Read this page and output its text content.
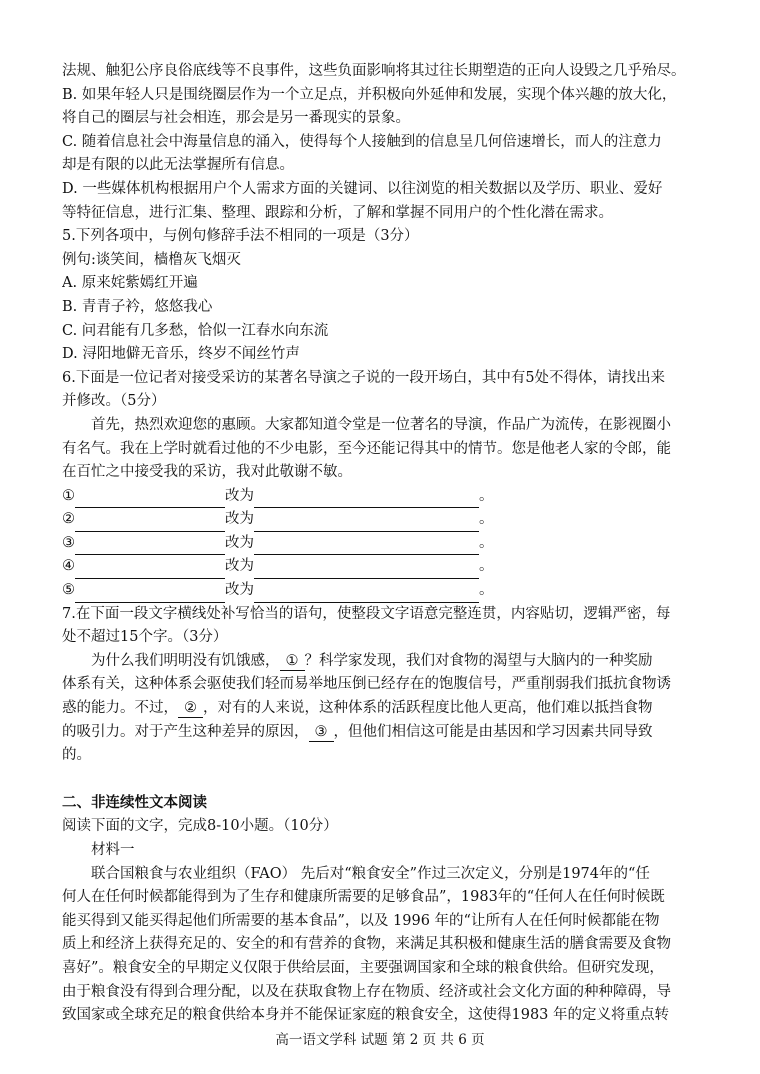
法规、触犯公序良俗底线等不良事件，这些负面影响将其过往长期塑造的正向人设毁之几乎殆尽。
B. 如果年轻人只是围绕圈层作为一个立足点，并积极向外延伸和发展，实现个体兴趣的放大化，
将自己的圈层与社会相连，那会是另一番现实的景象。
C. 随着信息社会中海量信息的涌入，使得每个人接触到的信息呈几何倍速增长，而人的注意力
却是有限的以此无法掌握所有信息。
D. 一些媒体机构根据用户个人需求方面的关键词、以往浏览的相关数据以及学历、职业、爱好
等特征信息，进行汇集、整理、跟踪和分析，了解和掌握不同用户的个性化潜在需求。
5.下列各项中，与例句修辞手法不相同的一项是（3分）
例句:谈笑间，樯橹灰飞烟灭
A. 原来姹紫嫣红开遍
B. 青青子衿，悠悠我心
C. 问君能有几多愁，恰似一江春水向东流
D. 浔阳地僻无音乐，终岁不闻丝竹声
6.下面是一位记者对接受采访的某著名导演之子说的一段开场白，其中有5处不得体，请找出来
并修改。（5分）
首先，热烈欢迎您的惠顾。大家都知道令堂是一位著名的导演，作品广为流传，在影视圈小
有名气。我在上学时就看过他的不少电影，至今还能记得其中的情节。您是他老人家的令郎，能
在百忙之中接受我的采访，我对此敬谢不敏。
①	改为	。
②	改为	。
③	改为	。
④	改为	。
⑤	改为	。
7.在下面一段文字横线处补写恰当的语句，使整段文字语意完整连贯，内容贴切，逻辑严密，每
处不超过15个字。（3分）
为什么我们明明没有饥饿感， ① ？科学家发现，我们对食物的渴望与大脑内的一种奖励
体系有关，这种体系会驱使我们轻而易举地压倒已经存在的饱腹信号，严重削弱我们抵抗食物诱
惑的能力。不过， ② ，对有的人来说，这种体系的活跃程度比他人更高，他们难以抵挡食物
的吸引力。对于产生这种差异的原因， ③ ，但他们相信这可能是由基因和学习因素共同导致
的。
二、非连续性文本阅读
阅读下面的文字，完成8-10小题。（10分）
材料一
联合国粮食与农业组织（FAO） 先后对“粮食安全”作过三次定义，分别是1974年的“任
何人在任何时候都能得到为了生存和健康所需要的足够食品”，1983年的“任何人在任何时候既
能买得到又能买得起他们所需要的基本食品”，以及 1996 年的“让所有人在任何时候都能在物
质上和经济上获得充足的、安全的和有营养的食物，来满足其积极和健康生活的膳食需要及食物
喜好”。粮食安全的早期定义仅限于供给层面，主要强调国家和全球的粮食供给。但研究发现，
由于粮食没有得到合理分配，以及在获取食物上存在物质、经济或社会文化方面的种种障碍，导
致国家或全球充足的粮食供给本身并不能保证家庭的粮食安全，这使得1983 年的定义将重点转
高一语文学科 试题 第 2 页 共 6 页
